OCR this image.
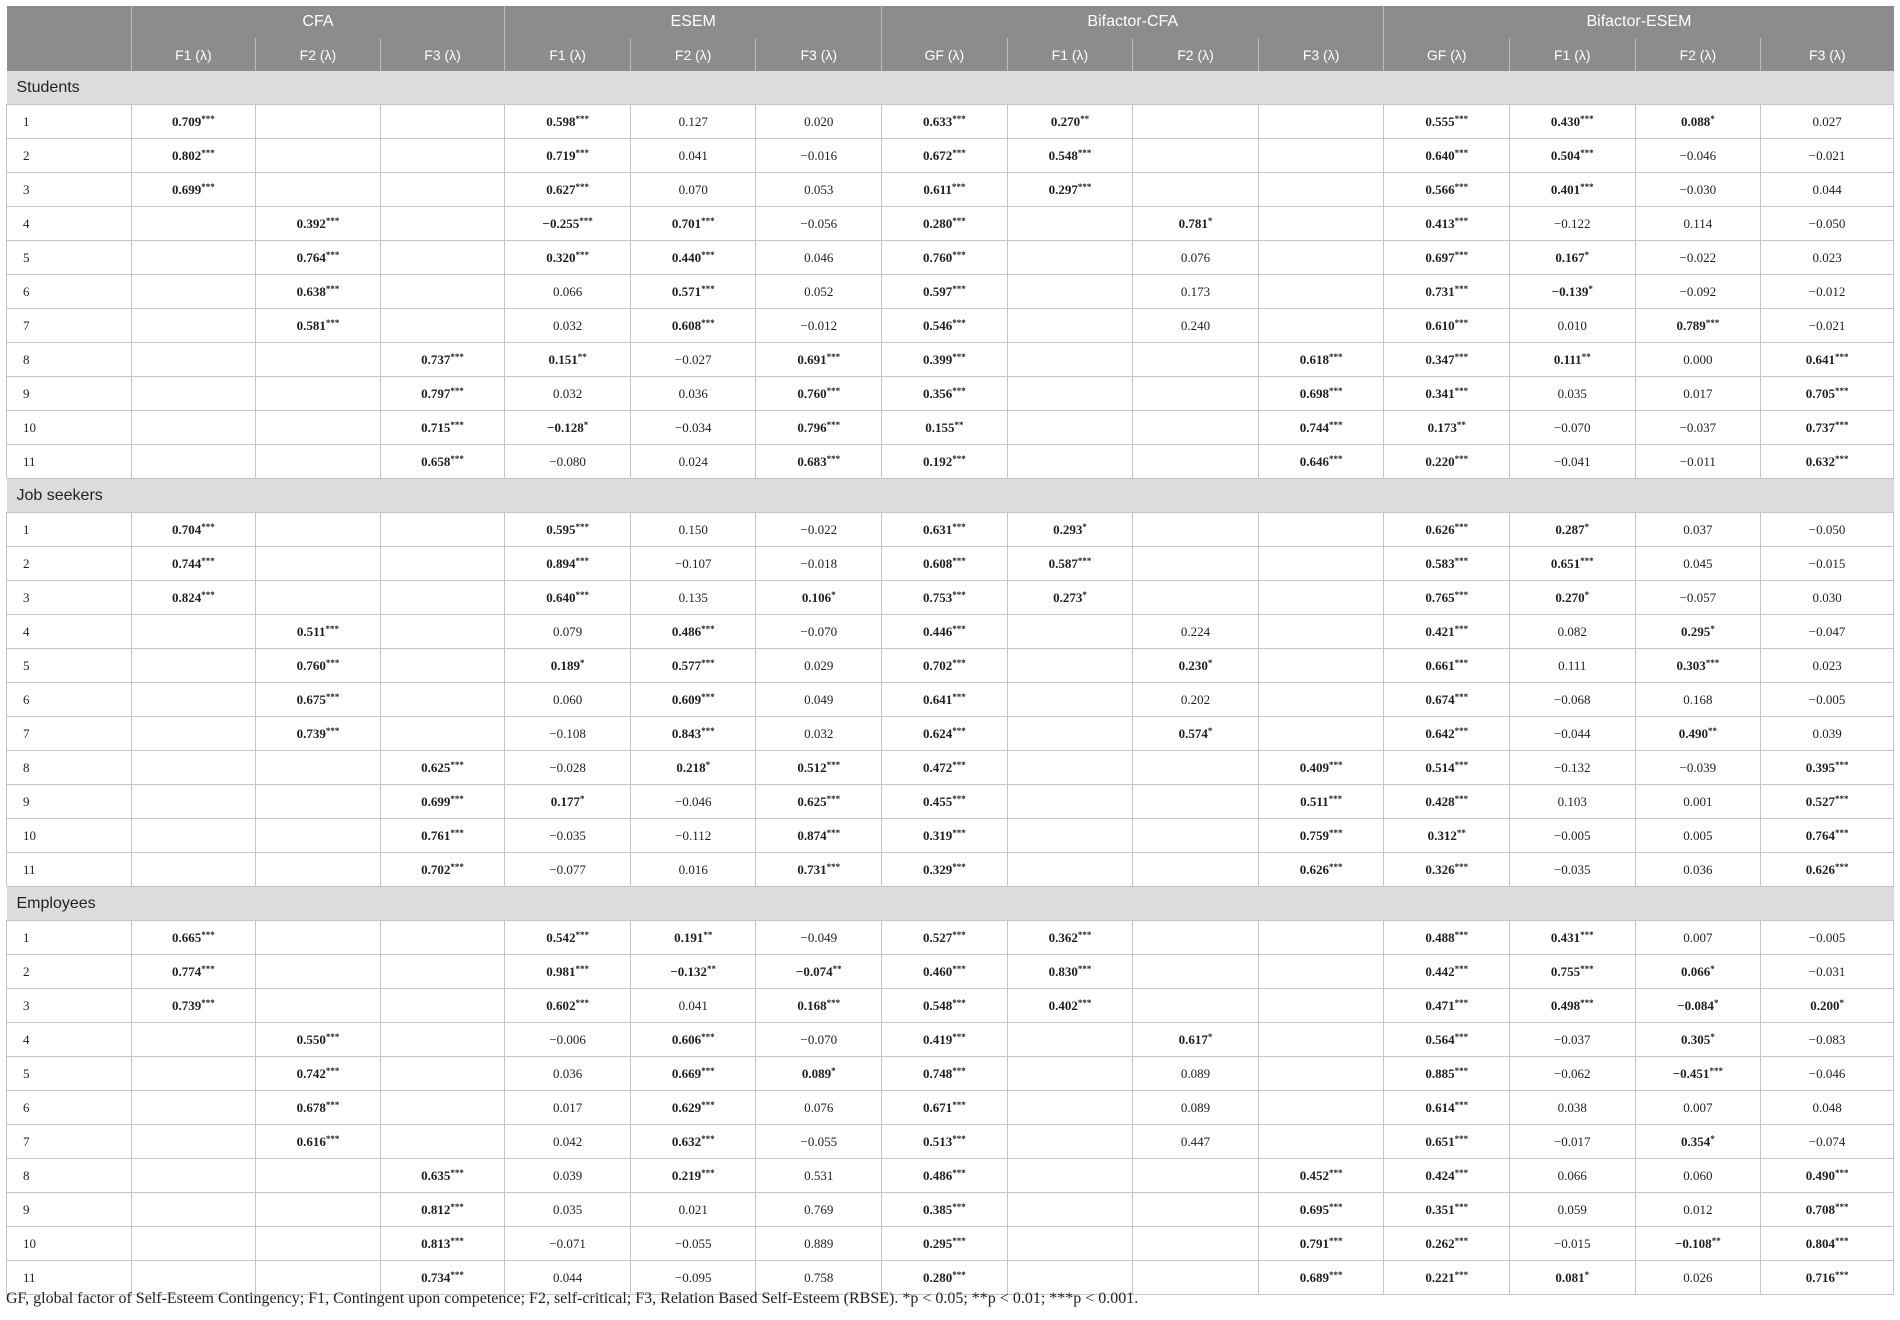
	CFA			ESEM			Bifactor-CFA				Bifactor-ESEM			
	F1 (λ)	F2 (λ)	F3 (λ)	F1 (λ)	F2 (λ)	F3 (λ)	GF (λ)	F1 (λ)	F2 (λ)	F3 (λ)	GF (λ)	F1 (λ)	F2 (λ)	F3 (λ)
Students														
1	0.709***			0.598***	0.127	0.020	0.633***	0.270**			0.555***	0.430***	0.088*	0.027
2	0.802***			0.719***	0.041	−0.016	0.672***	0.548***			0.640***	0.504***	−0.046	−0.021
3	0.699***			0.627***	0.070	0.053	0.611***	0.297***			0.566***	0.401***	−0.030	0.044
4		0.392***		−0.255***	0.701***	−0.056	0.280***		0.781*		0.413***	−0.122	0.114	−0.050
5		0.764***		0.320***	0.440***	0.046	0.760***		0.076		0.697***	0.167*	−0.022	0.023
6		0.638***		0.066	0.571***	0.052	0.597***		0.173		0.731***	−0.139*	−0.092	−0.012
7		0.581***		0.032	0.608***	−0.012	0.546***		0.240		0.610***	0.010	0.789***	−0.021
8			0.737***	0.151**	−0.027	0.691***	0.399***			0.618***	0.347***	0.111**	0.000	0.641***
9			0.797***	0.032	0.036	0.760***	0.356***			0.698***	0.341***	0.035	0.017	0.705***
10			0.715***	−0.128*	−0.034	0.796***	0.155**			0.744***	0.173**	−0.070	−0.037	0.737***
11			0.658***	−0.080	0.024	0.683***	0.192***			0.646***	0.220***	−0.041	−0.011	0.632***
Job seekers														
1	0.704***			0.595***	0.150	−0.022	0.631***	0.293*			0.626***	0.287*	0.037	−0.050
2	0.744***			0.894***	−0.107	−0.018	0.608***	0.587***			0.583***	0.651***	0.045	−0.015
3	0.824***			0.640***	0.135	0.106*	0.753***	0.273*			0.765***	0.270*	−0.057	0.030
4		0.511***		0.079	0.486***	−0.070	0.446***		0.224		0.421***	0.082	0.295*	−0.047
5		0.760***		0.189*	0.577***	0.029	0.702***		0.230*		0.661***	0.111	0.303***	0.023
6		0.675***		0.060	0.609***	0.049	0.641***		0.202		0.674***	−0.068	0.168	−0.005
7		0.739***		−0.108	0.843***	0.032	0.624***		0.574*		0.642***	−0.044	0.490**	0.039
8			0.625***	−0.028	0.218*	0.512***	0.472***			0.409***	0.514***	−0.132	−0.039	0.395***
9			0.699***	0.177*	−0.046	0.625***	0.455***			0.511***	0.428***	0.103	0.001	0.527***
10			0.761***	−0.035	−0.112	0.874***	0.319***			0.759***	0.312**	−0.005	0.005	0.764***
11			0.702***	−0.077	0.016	0.731***	0.329***			0.626***	0.326***	−0.035	0.036	0.626***
Employees														
1	0.665***			0.542***	0.191**	−0.049	0.527***	0.362***			0.488***	0.431***	0.007	−0.005
2	0.774***			0.981***	−0.132**	−0.074**	0.460***	0.830***			0.442***	0.755***	0.066*	−0.031
3	0.739***			0.602***	0.041	0.168***	0.548***	0.402***			0.471***	0.498***	−0.084*	0.200*
4		0.550***		−0.006	0.606***	−0.070	0.419***		0.617*		0.564***	−0.037	0.305*	−0.083
5		0.742***		0.036	0.669***	0.089*	0.748***		0.089		0.885***	−0.062	−0.451***	−0.046
6		0.678***		0.017	0.629***	0.076	0.671***		0.089		0.614***	0.038	0.007	0.048
7		0.616***		0.042	0.632***	−0.055	0.513***		0.447		0.651***	−0.017	0.354*	−0.074
8			0.635***	0.039	0.219***	0.531	0.486***			0.452***	0.424***	0.066	0.060	0.490***
9			0.812***	0.035	0.021	0.769	0.385***			0.695***	0.351***	0.059	0.012	0.708***
10			0.813***	−0.071	−0.055	0.889	0.295***			0.791***	0.262***	−0.015	−0.108**	0.804***
11			0.734***	0.044	−0.095	0.758	0.280***			0.689***	0.221***	0.081*	0.026	0.716***
GF, global factor of Self-Esteem Contingency; F1, Contingent upon competence; F2, self-critical; F3, Relation Based Self-Esteem (RBSE). *p < 0.05; **p < 0.01; ***p < 0.001.
